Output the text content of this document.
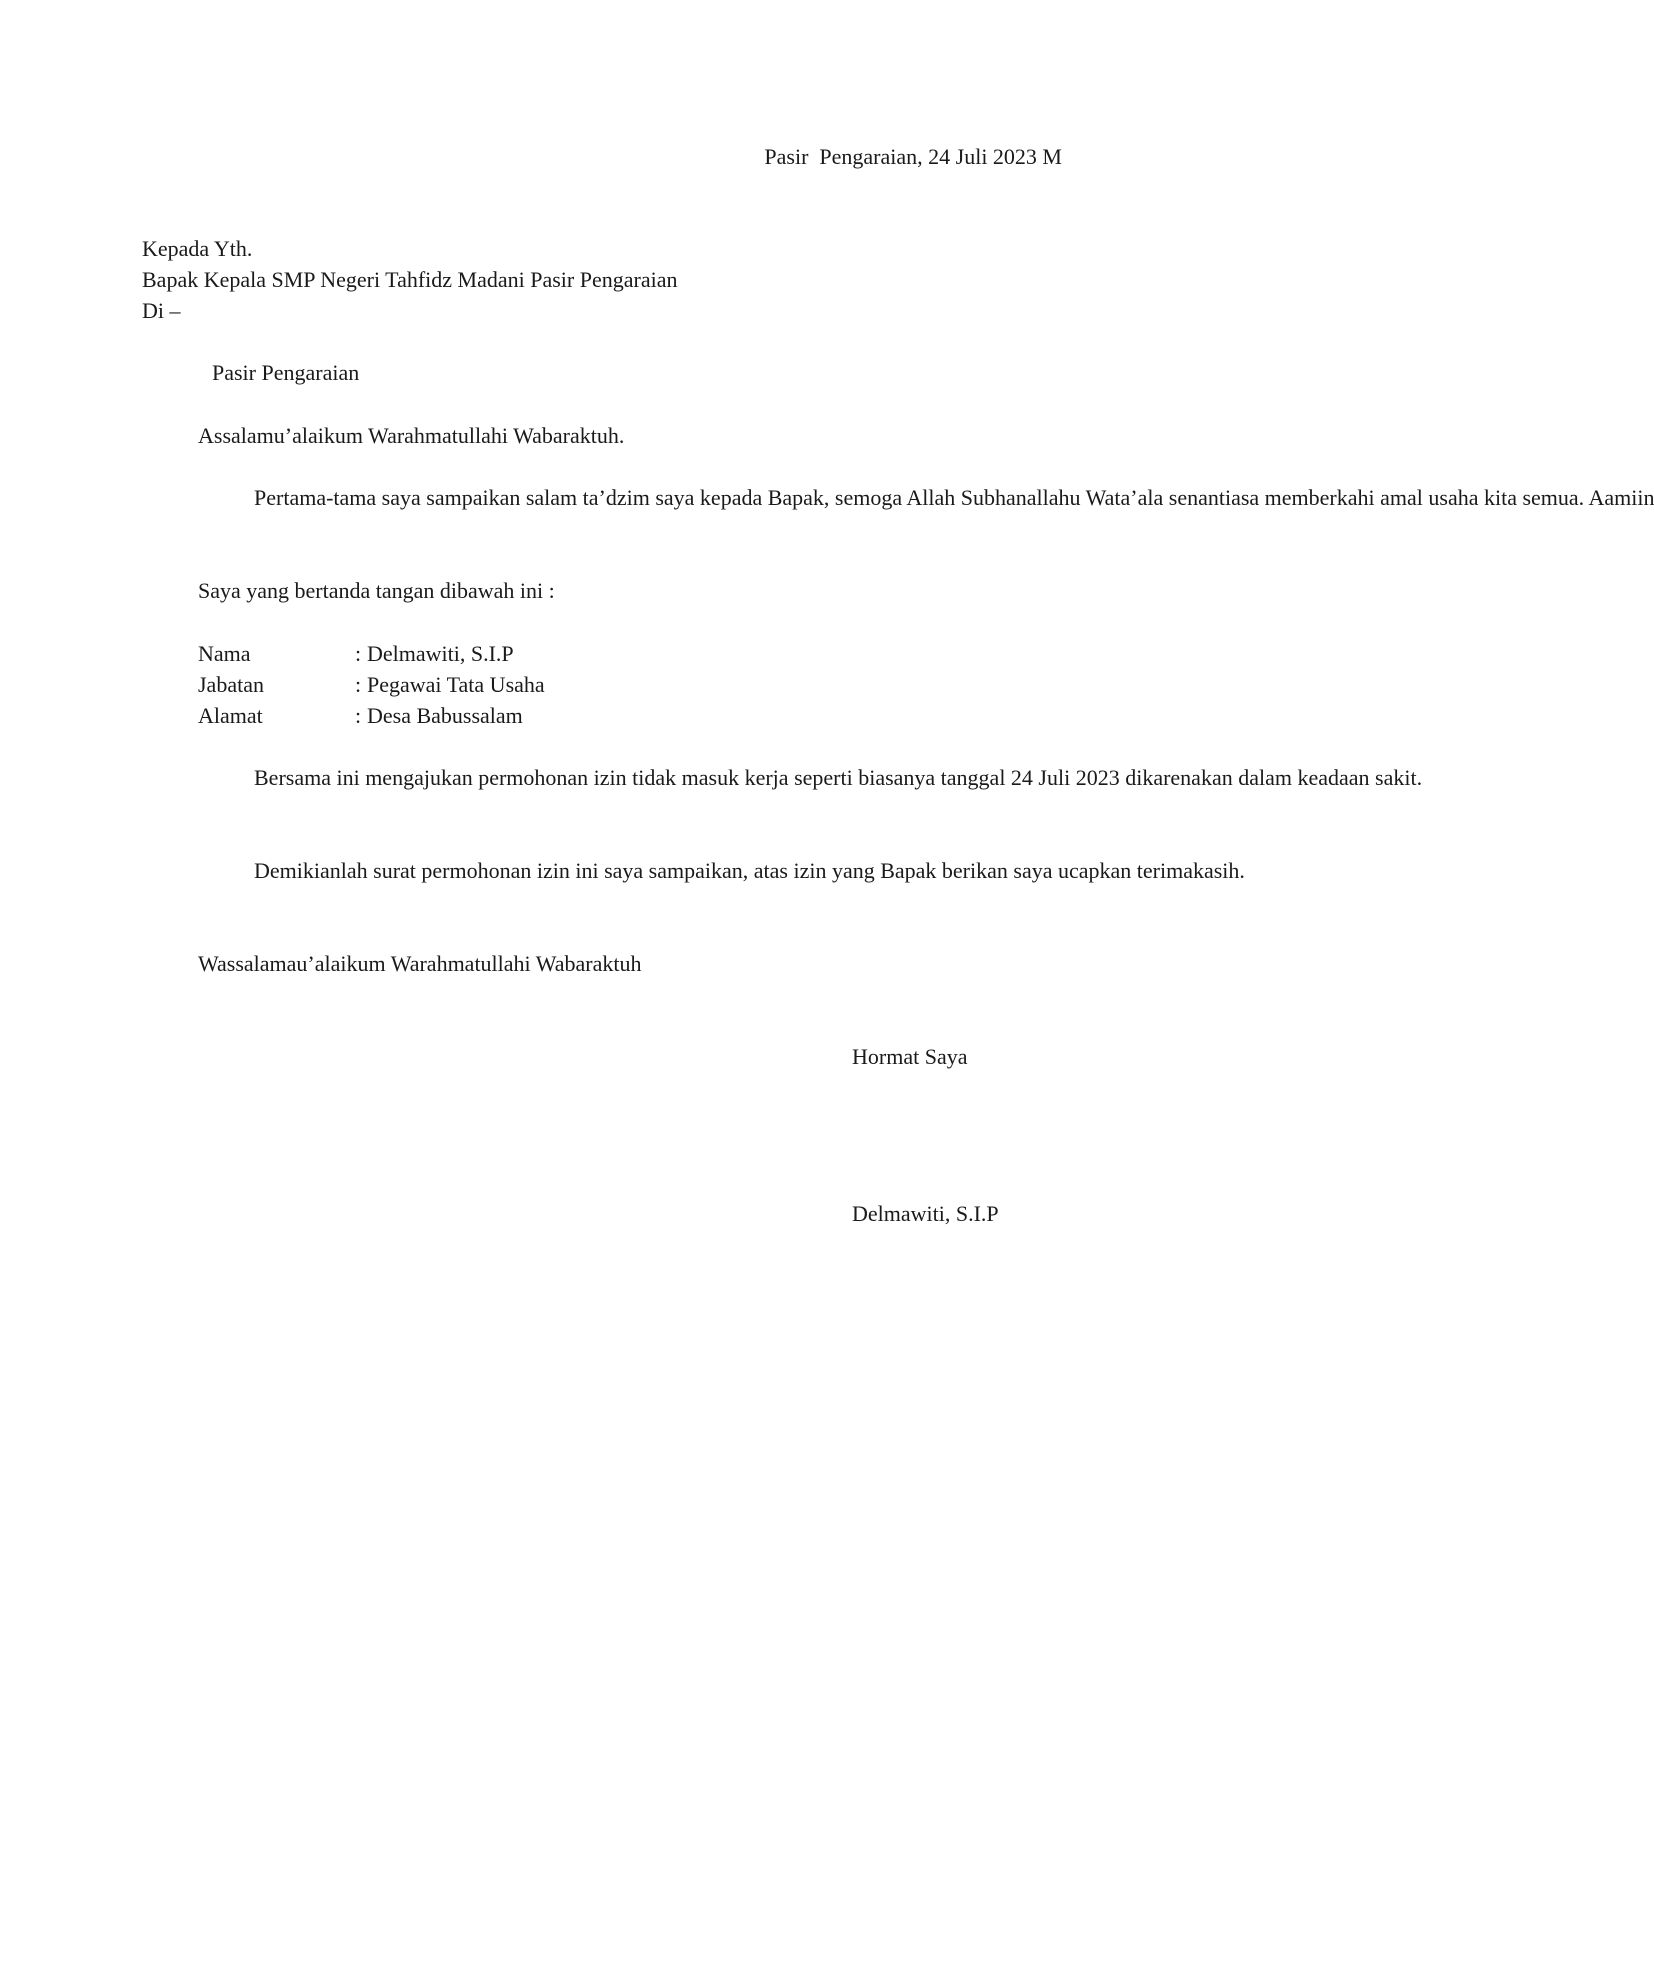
Pasir  Pengaraian, 24 Juli 2023 M
Kepada Yth.
Bapak Kepala SMP Negeri Tahfidz Madani Pasir Pengaraian
Di –
Pasir Pengaraian
Assalamu’alaikum Warahmatullahi Wabaraktuh.

Pertama-tama saya sampaikan salam ta’dzim saya kepada Bapak, semoga Allah Subhanallahu Wata’ala senantiasa memberkahi amal usaha kita semua. Aamiin

Saya yang bertanda tangan dibawah ini :
Nama	: Delmawiti, S.I.P
Jabatan	: Pegawai Tata Usaha
Alamat	: Desa Babussalam

Bersama ini mengajukan permohonan izin tidak masuk kerja seperti biasanya tanggal 24 Juli 2023 dikarenakan dalam keadaan sakit.

Demikianlah surat permohonan izin ini saya sampaikan, atas izin yang Bapak berikan saya ucapkan terimakasih.

Wassalamau’alaikum Warahmatullahi Wabaraktuh
Hormat Saya
Delmawiti, S.I.P
